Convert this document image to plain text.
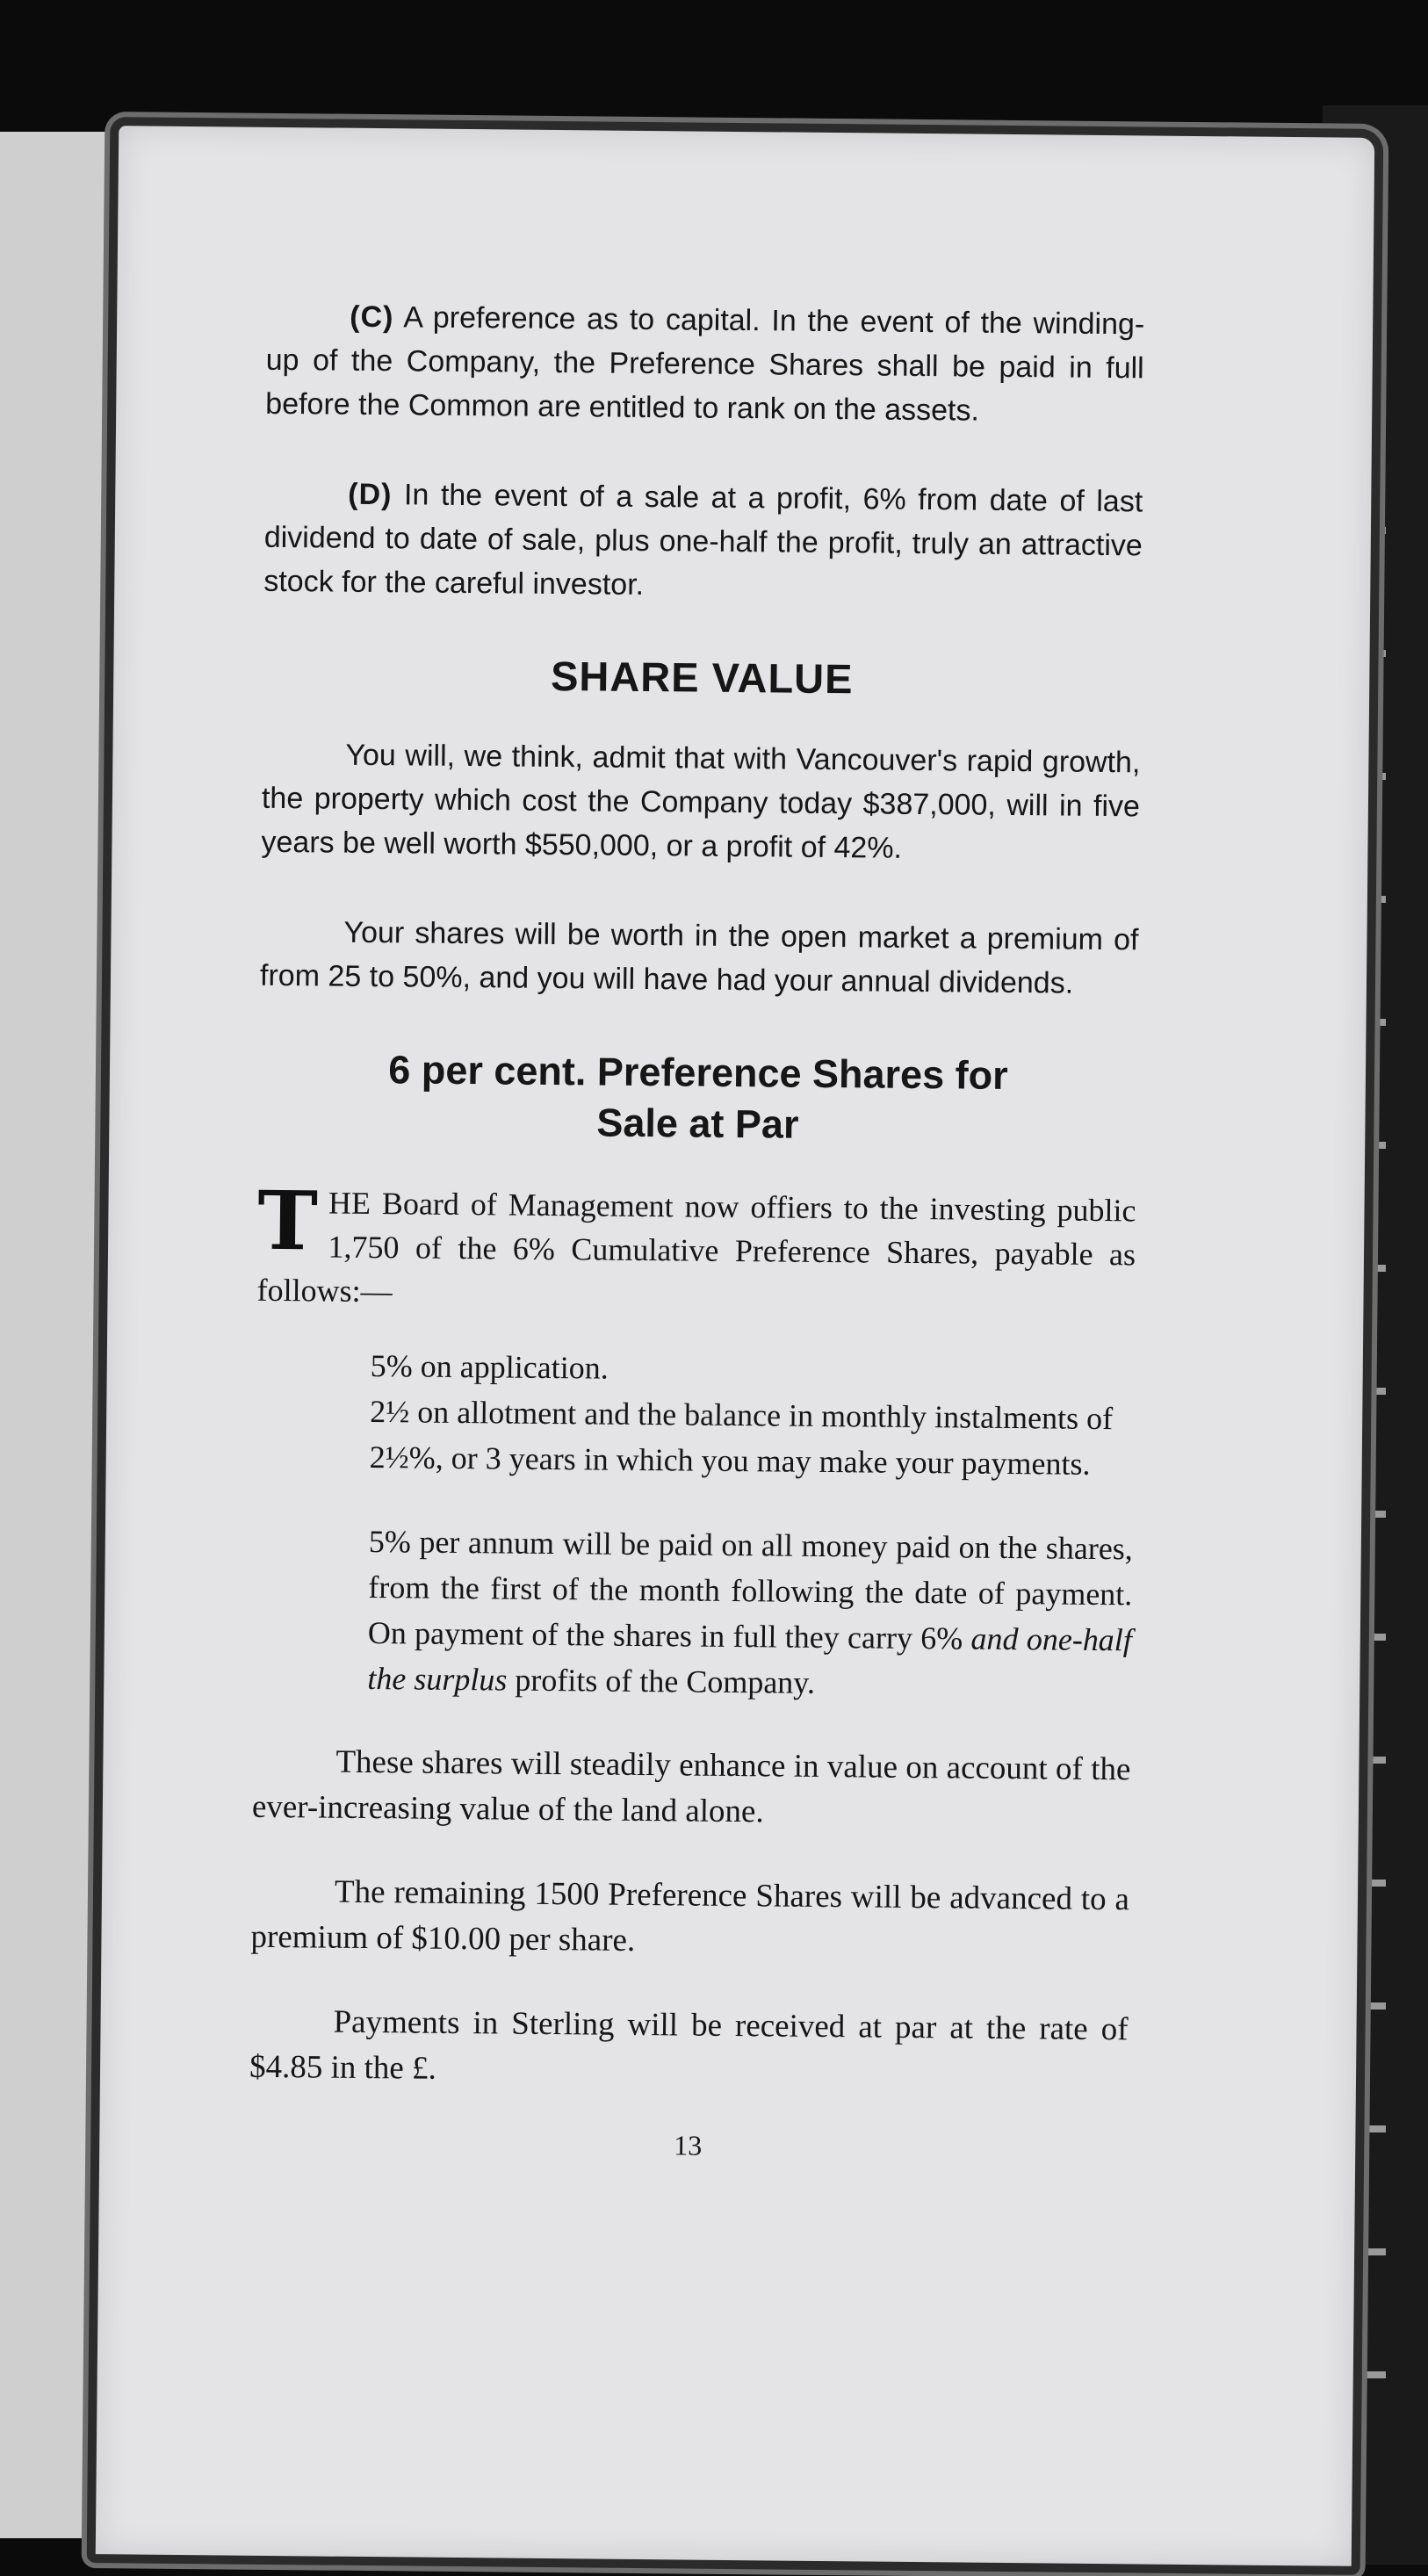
(C) A preference as to capital. In the event of the winding-up of the Company, the Preference Shares shall be paid in full before the Common are entitled to rank on the assets.

(D) In the event of a sale at a profit, 6% from date of last dividend to date of sale, plus one-half the profit, truly an attractive stock for the careful investor.

SHARE VALUE

You will, we think, admit that with Vancouver's rapid growth, the property which cost the Company today $387,000, will in five years be well worth $550,000, or a profit of 42%.

Your shares will be worth in the open market a premium of from 25 to 50%, and you will have had your annual dividends.

6 per cent. Preference Shares for
Sale at Par
T HE Board of Management now offiers to the investing public 1,750 of the 6% Cumulative Preference Shares, payable as follows:—

5% on application.

2½ on allotment and the balance in monthly instalments of 2½%, or 3 years in which you may make your payments.

5% per annum will be paid on all money paid on the shares, from the first of the month following the date of payment. On payment of the shares in full they carry 6% and one-half the surplus profits of the Company.

These shares will steadily enhance in value on account of the ever-increasing value of the land alone.

The remaining 1500 Preference Shares will be advanced to a premium of $10.00 per share.

Payments in Sterling will be received at par at the rate of $4.85 in the £.

13
